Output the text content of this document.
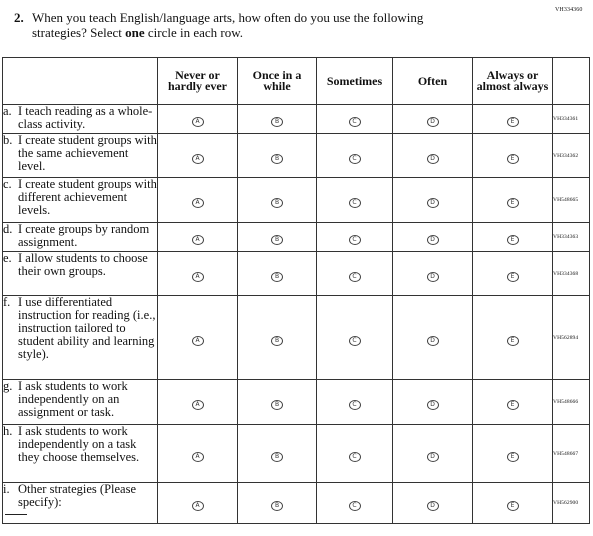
VH334360
2. When you teach English/language arts, how often do you use the following
strategies? Select one circle in each row.
	Never or hardly ever	Once in a while	Sometimes	Often	Always or almost always	

a. I teach reading as a whole-class activity.	A	B	C	D	E	VH334361

b. I create student groups with the same achievement level.	A	B	C	D	E	VH334362

c. I create student groups with different achievement levels.	A	B	C	D	E	VH548665

d. I create groups by random assignment.	A	B	C	D	E	VH334363

e. I allow students to choose their own groups.	A	B	C	D	E	VH334368

f. I use differentiated instruction for reading (i.e., instruction tailored to student ability and learning style).	A	B	C	D	E	VH562894

g. I ask students to work independently on an assignment or task.	A	B	C	D	E	VH548666

h. I ask students to work independently on a task they choose themselves.	A	B	C	D	E	VH548667

i. Other strategies (Please specify):	A	B	C	D	E	VH562900
